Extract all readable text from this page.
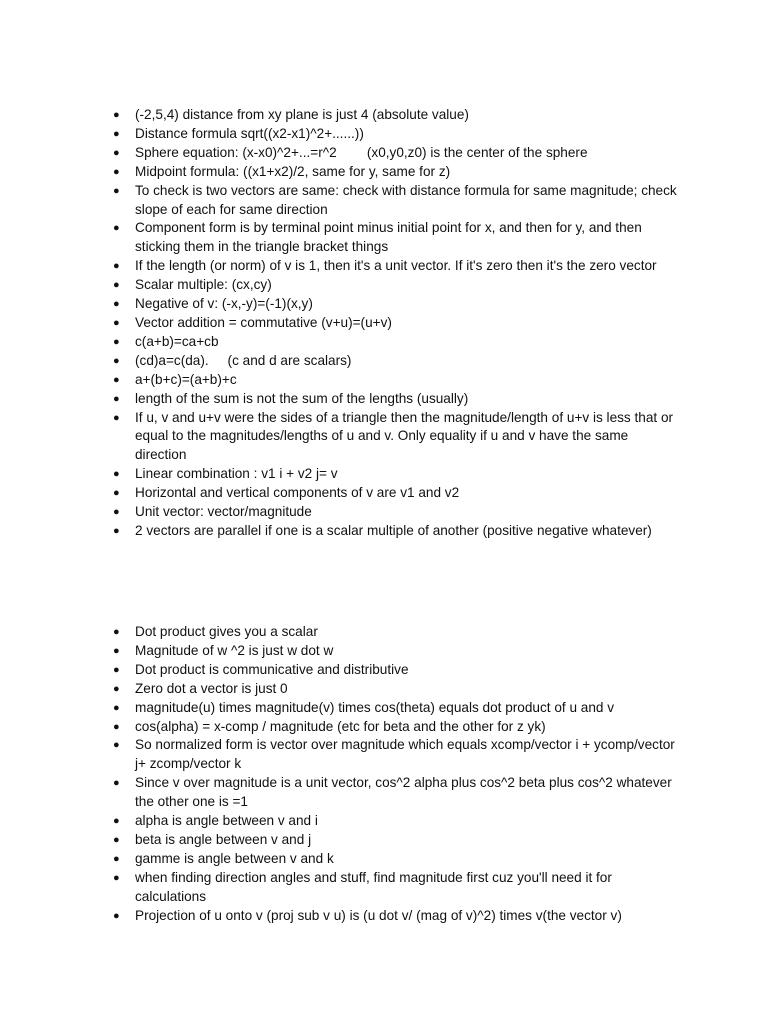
● (-2,5,4) distance from xy plane is just 4 (absolute value)
● Distance formula sqrt((x2-x1)^2+......))
● Sphere equation: (x-x0)^2+...=r^2        (x0,y0,z0) is the center of the sphere
● Midpoint formula: ((x1+x2)/2, same for y, same for z)
● To check is two vectors are same: check with distance formula for same magnitude; check slope of each for same direction
● Component form is by terminal point minus initial point for x, and then for y, and then sticking them in the triangle bracket things
● If the length (or norm) of v is 1, then it's a unit vector. If it's zero then it's the zero vector
● Scalar multiple: (cx,cy)
● Negative of v: (-x,-y)=(-1)(x,y)
● Vector addition = commutative (v+u)=(u+v)
● c(a+b)=ca+cb
● (cd)a=c(da).     (c and d are scalars)
● a+(b+c)=(a+b)+c
● length of the sum is not the sum of the lengths (usually)
● If u, v and u+v were the sides of a triangle then the magnitude/length of u+v is less that or equal to the magnitudes/lengths of u and v. Only equality if u and v have the same direction
● Linear combination : v1 i + v2 j= v
● Horizontal and vertical components of v are v1 and v2
● Unit vector: vector/magnitude
● 2 vectors are parallel if one is a scalar multiple of another (positive negative whatever)
● Dot product gives you a scalar
● Magnitude of w ^2 is just w dot w
● Dot product is communicative and distributive
● Zero dot a vector is just 0
● magnitude(u) times magnitude(v) times cos(theta) equals dot product of u and v
● cos(alpha) = x-comp / magnitude (etc for beta and the other for z yk)
● So normalized form is vector over magnitude which equals xcomp/vector i + ycomp/vector j+ zcomp/vector k
● Since v over magnitude is a unit vector, cos^2 alpha plus cos^2 beta plus cos^2 whatever the other one is =1
● alpha is angle between v and i
● beta is angle between v and j
● gamme is angle between v and k
● when finding direction angles and stuff, find magnitude first cuz you'll need it for calculations
● Projection of u onto v (proj sub v u) is (u dot v/ (mag of v)^2) times v(the vector v)
